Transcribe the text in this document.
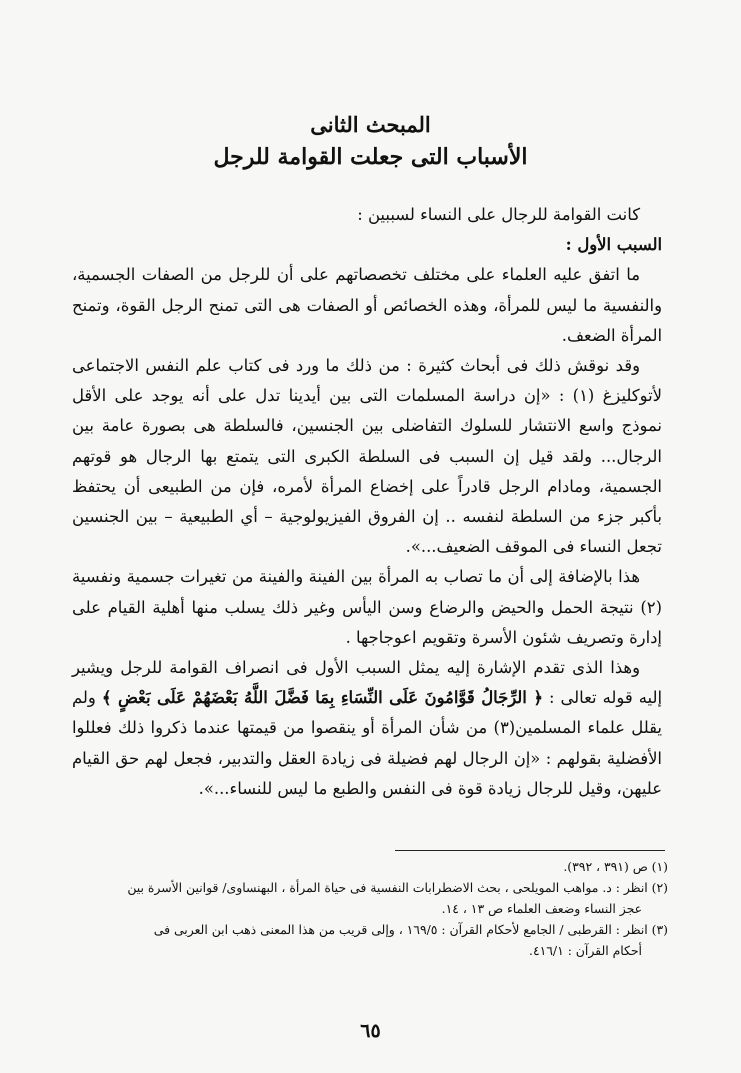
المبحث الثانى
الأسباب التى جعلت القوامة للرجل

كانت القوامة للرجال على النساء لسببين :

السبب الأول :

ما اتفق عليه العلماء على مختلف تخصصاتهم على أن للرجل من الصفات الجسمية، والنفسية ما ليس للمرأة، وهذه الخصائص أو الصفات هى التى تمنح الرجل القوة، وتمنح المرأة الضعف.

وقد نوقش ذلك فى أبحاث كثيرة : من ذلك ما ورد فى كتاب علم النفس الاجتماعى لأتوكليزغ (١) : «إن دراسة المسلمات التى بين أيدينا تدل على أنه يوجد على الأقل نموذج واسع الانتشار للسلوك التفاضلى بين الجنسين، فالسلطة هى بصورة عامة بين الرجال... ولقد قيل إن السبب فى السلطة الكبرى التى يتمتع بها الرجال هو قوتهم الجسمية، ومادام الرجل قادراً على إخضاع المرأة لأمره، فإن من الطبيعى أن يحتفظ بأكبر جزء من السلطة لنفسه .. إن الفروق الفيزيولوجية – أي الطبيعية – بين الجنسين تجعل النساء فى الموقف الضعيف...».

هذا بالإضافة إلى أن ما تصاب به المرأة بين الفينة والفينة من تغيرات جسمية ونفسية (٢) نتيجة الحمل والحيض والرضاع وسن اليأس وغير ذلك يسلب منها أهلية القيام على إدارة وتصريف شئون الأسرة وتقويم اعوجاجها .

وهذا الذى تقدم الإشارة إليه يمثل السبب الأول فى انصراف القوامة للرجل ويشير إليه قوله تعالى : ﴿ الرِّجَالُ قَوَّامُونَ عَلَى النِّسَاءِ بِمَا فَضَّلَ اللَّهُ بَعْضَهُمْ عَلَى بَعْضٍ ﴾ ولم يقلل علماء المسلمين(٣) من شأن المرأة أو ينقصوا من قيمتها عندما ذكروا ذلك فعللوا الأفضلية بقولهم : «إن الرجال لهم فضيلة فى زيادة العقل والتدبير، فجعل لهم حق القيام عليهن، وقيل للرجال زيادة قوة فى النفس والطبع ما ليس للنساء...».

(١) ص (٣٩١ ، ٣٩٢).

(٢) انظر : د. مواهب المويلحى ، بحث الاضطرابات النفسية فى حياة المرأة ، البهنساوى/ قوانين الأسرة بين

عجز النساء وضعف العلماء ص ١٣ ، ١٤.

(٣) انظر : القرطبى / الجامع لأحكام القرآن : ١٦٩/٥ ، وإلى قريب من هذا المعنى ذهب ابن العربى فى

أحكام القرآن : ٤١٦/١.

٦٥
